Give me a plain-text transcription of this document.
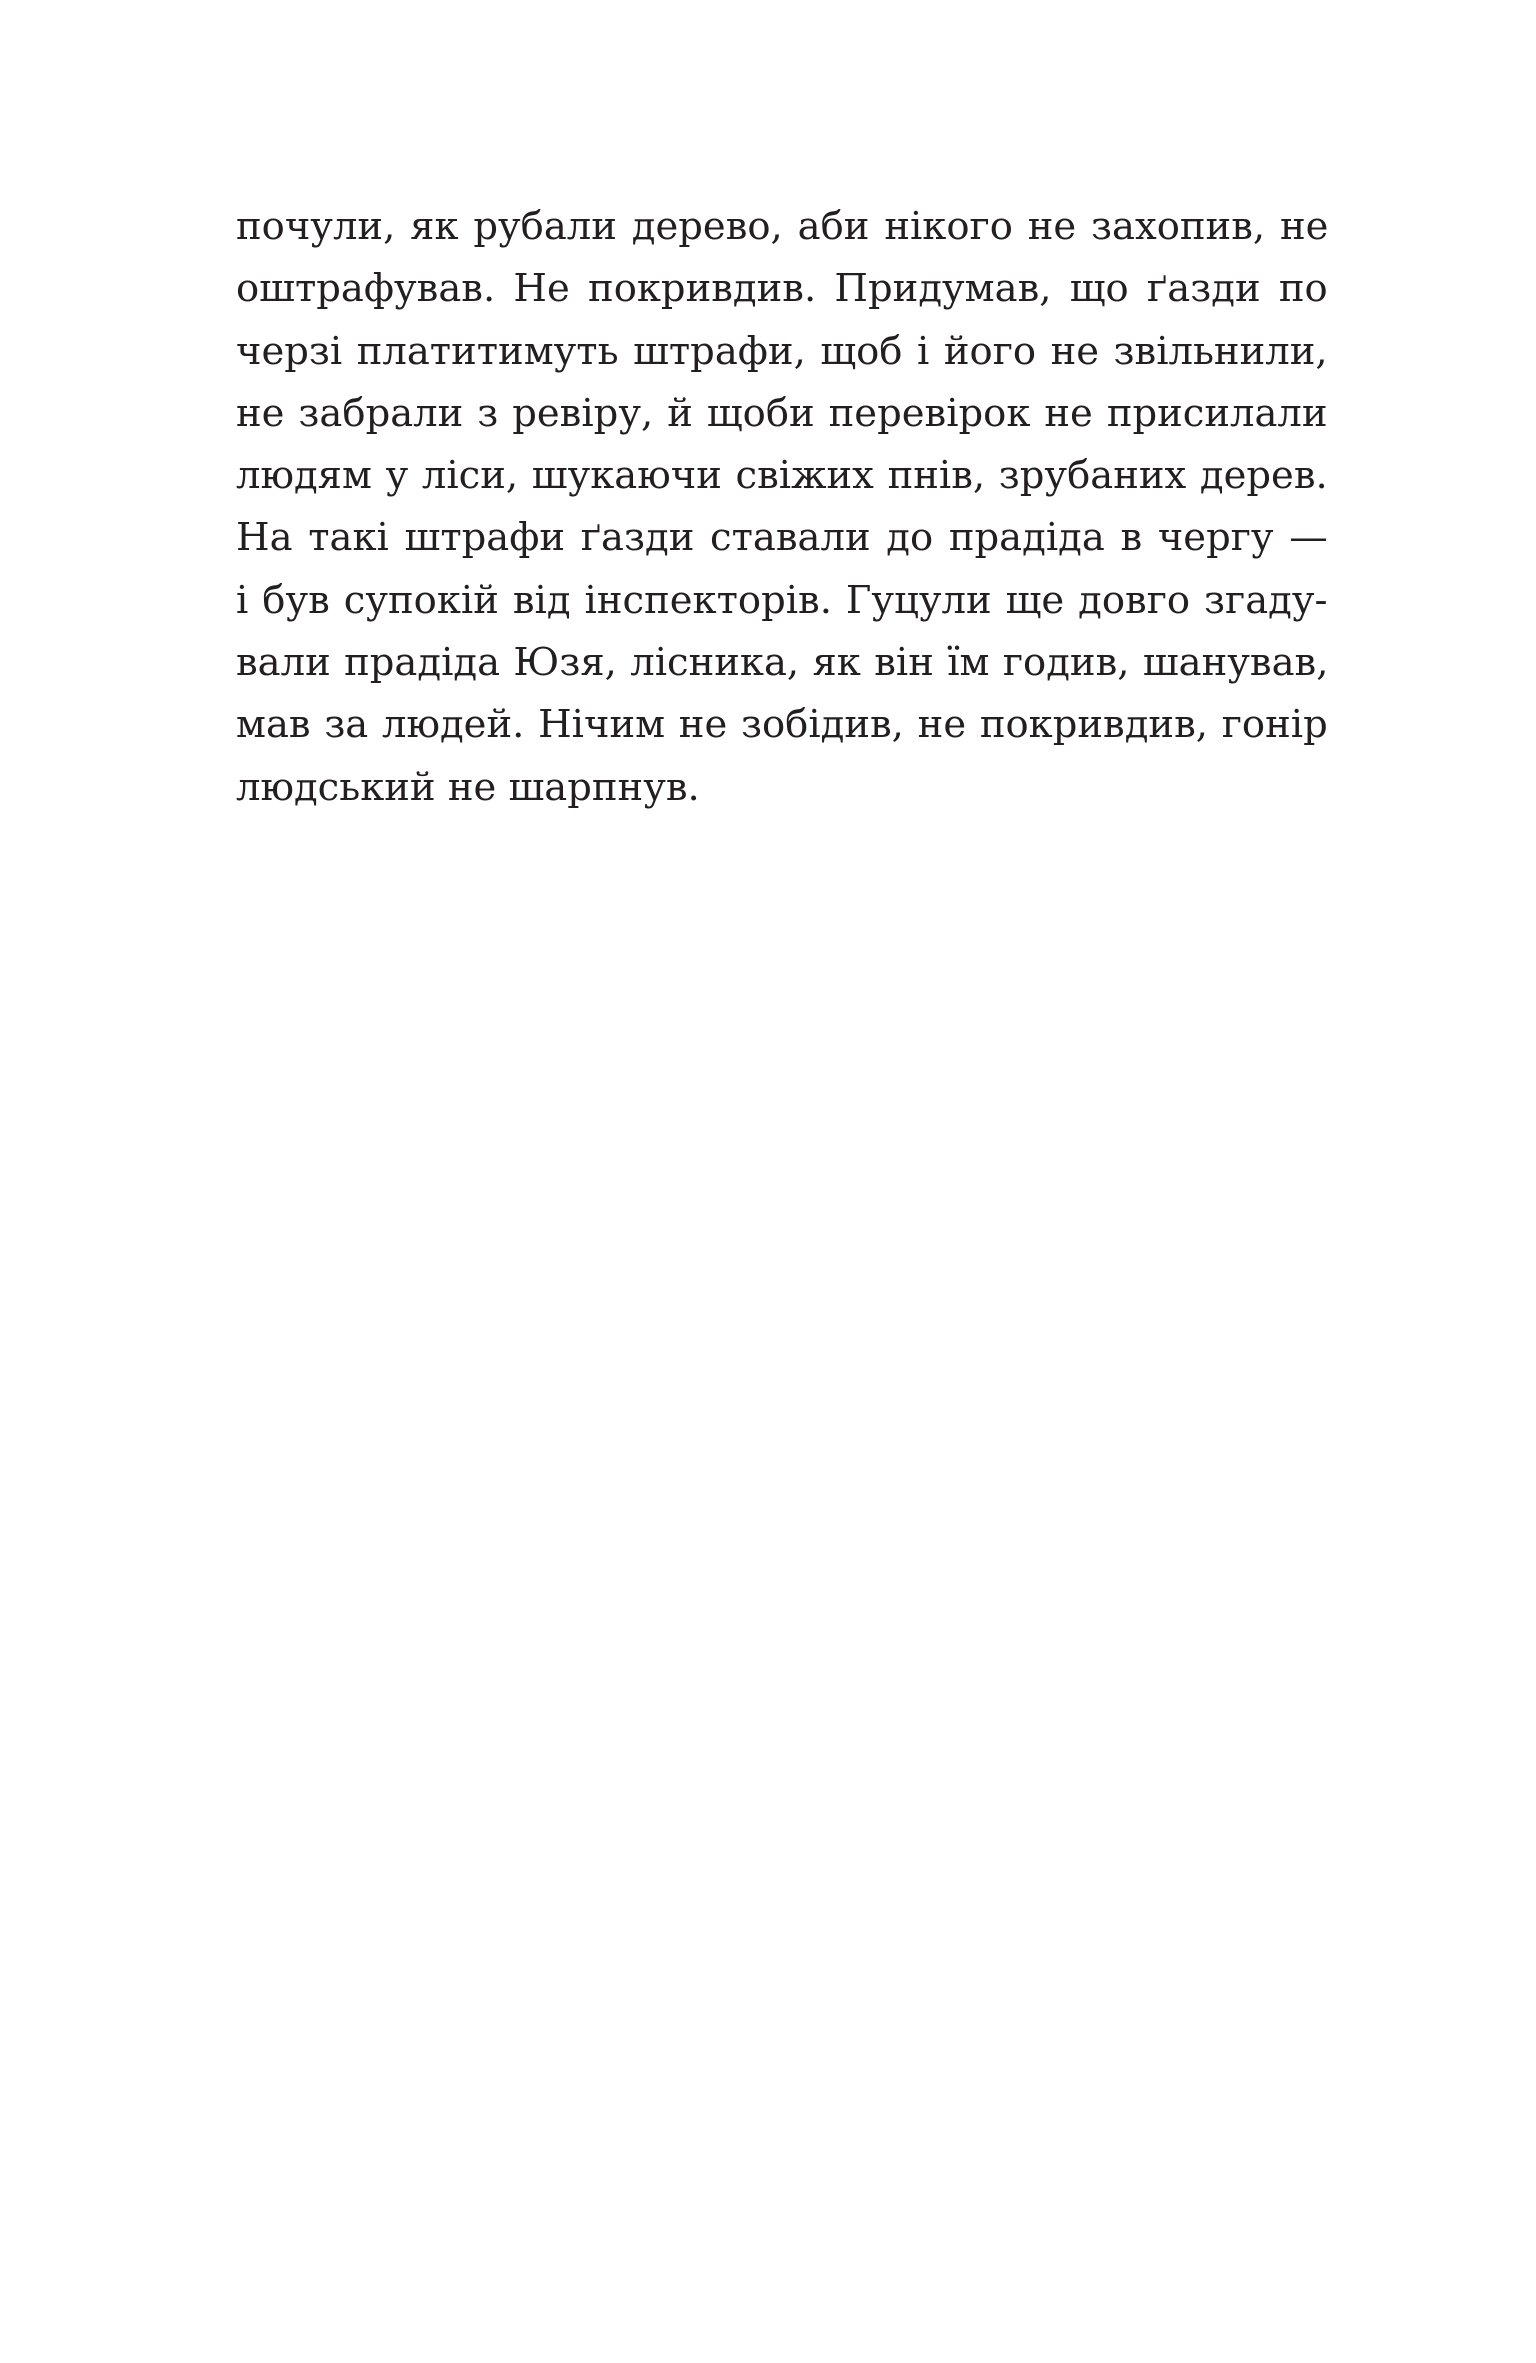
почули, як рубали дерево, аби нікого не захопив, не
оштрафував. Не покривдив. Придумав, що ґазди по
черзі платитимуть штрафи, щоб і його не звільнили,
не забрали з ревіру, й щоби перевірок не присилали
людям у ліси, шукаючи свіжих пнів, зрубаних дерев.
На такі штрафи ґазди ставали до прадіда в чергу —
і був супокій від інспекторів. Гуцули ще довго згаду-
вали прадіда Юзя, лісника, як він їм годив, шанував,
мав за людей. Нічим не зобідив, не покривдив, гонір
людський не шарпнув.
